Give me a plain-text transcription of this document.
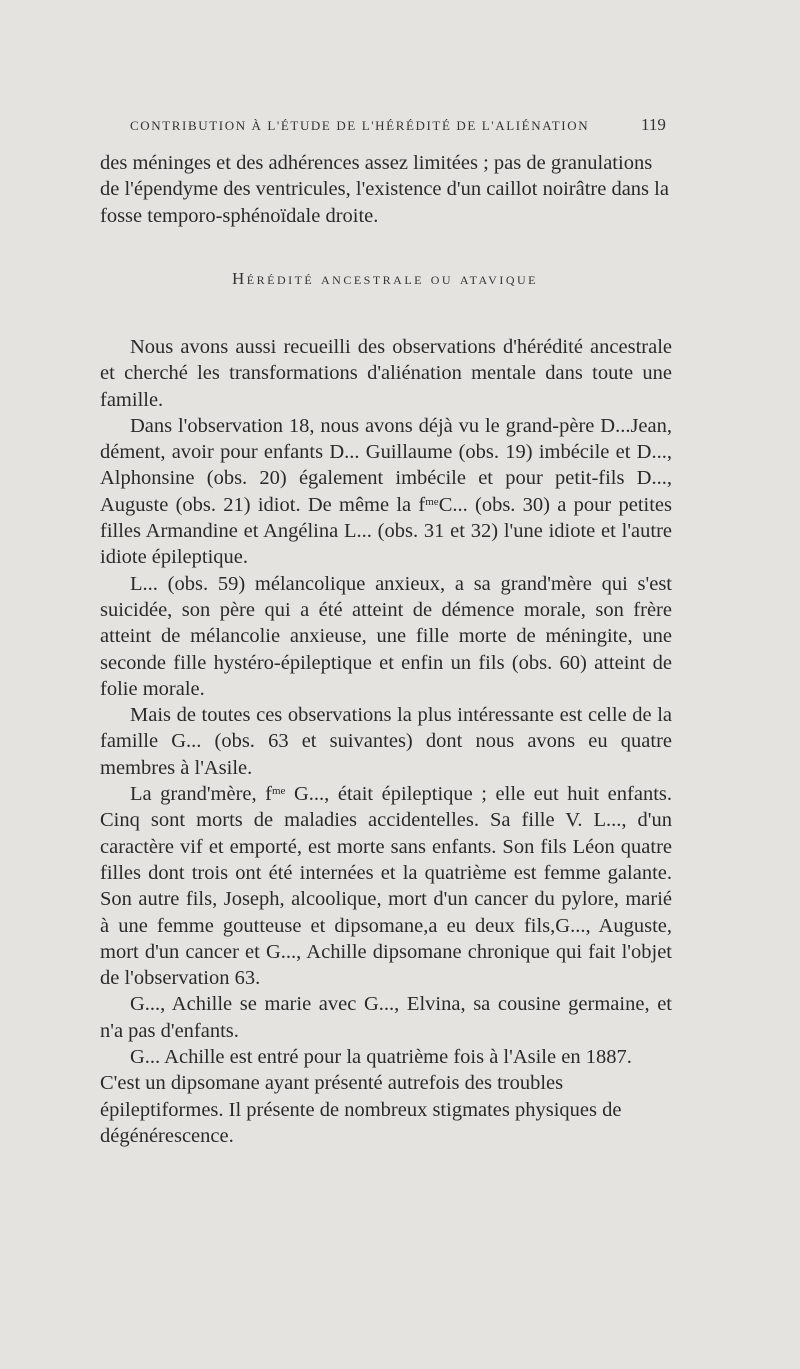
CONTRIBUTION À L'ÉTUDE DE L'HÉRÉDITÉ DE L'ALIÉNATION	119

des méninges et des adhérences assez limitées ; pas de granulations de l'épendyme des ventricules, l'existence d'un caillot noirâtre dans la fosse temporo-sphénoïdale droite.

Hérédité ancestrale ou atavique

Nous avons aussi recueilli des observations d'hérédité ancestrale et cherché les transformations d'aliénation mentale dans toute une famille.

Dans l'observation 18, nous avons déjà vu le grand-père D...Jean, dément, avoir pour enfants D... Guillaume (obs. 19) imbécile et D..., Alphonsine (obs. 20) également imbécile et pour petit-fils D..., Auguste (obs. 21) idiot. De même la $f^{me}C$... (obs. 30) a pour petites filles Armandine et Angélina L... (obs. 31 et 32) l'une idiote et l'autre idiote épileptique.

L... (obs. 59) mélancolique anxieux, a sa grand'mère qui s'est suicidée, son père qui a été atteint de démence morale, son frère atteint de mélancolie anxieuse, une fille morte de méningite, une seconde fille hystéro-épileptique et enfin un fils (obs. 60) atteint de folie morale.

Mais de toutes ces observations la plus intéressante est celle de la famille G... (obs. 63 et suivantes) dont nous avons eu quatre membres à l'Asile.

La grand'mère, $f^{me}$ G..., était épileptique ; elle eut huit enfants. Cinq sont morts de maladies accidentelles. Sa fille V. L..., d'un caractère vif et emporté, est morte sans enfants. Son fils Léon quatre filles dont trois ont été internées et la quatrième est femme galante. Son autre fils, Joseph, alcoolique, mort d'un cancer du pylore, marié à une femme goutteuse et dipsomane,a eu deux fils,G..., Auguste, mort d'un cancer et G..., Achille dipsomane chronique qui fait l'objet de l'observation 63.

G..., Achille se marie avec G..., Elvina, sa cousine germaine, et n'a pas d'enfants.

G... Achille est entré pour la quatrième fois à l'Asile en 1887. C'est un dipsomane ayant présenté autrefois des troubles épileptiformes. Il présente de nombreux stigmates physiques de dégénérescence.
